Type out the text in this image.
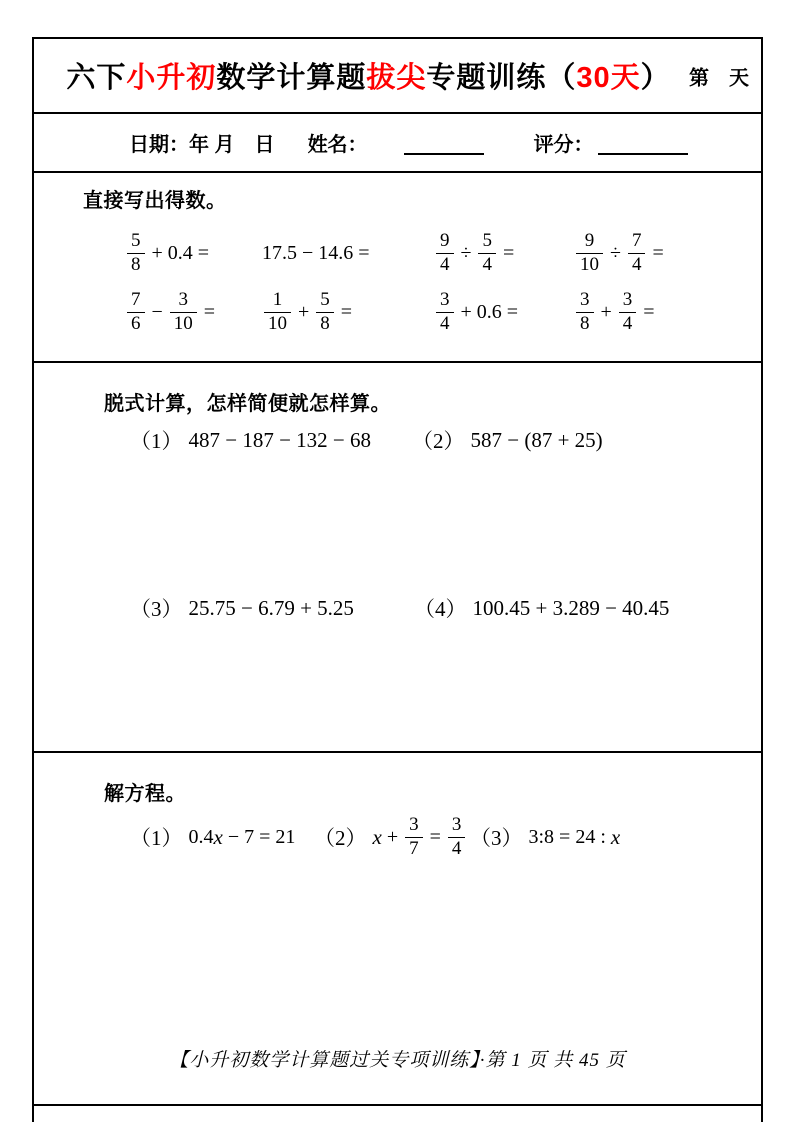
六下小升初数学计算题拔尖专题训练（30天） 第　天
日期：年 月　日 姓名：	评分：
直接写出得数。
$\frac{5}{8} + 0.4$ =	17.5 − 14.6 =	$\frac{9}{4} \div \frac{5}{4}$ =	$\frac{9}{10} \div \frac{7}{4}$ =
$\frac{7}{6} - \frac{3}{10}$ =	$\frac{1}{10} + \frac{5}{8}$ =	$\frac{3}{4} + 0.6$ =	$\frac{3}{8} + \frac{3}{4}$ =
脱式计算，怎样简便就怎样算。
（1） 487 − 187 − 132 − 68 （2） 587 − (87 + 25)
（3） 25.75 − 6.79 + 5.25	（4） 100.45 + 3.289 − 40.45
解方程。
（1） 0.4 x − 7 = 21 （2） $x + \frac{3}{7} = \frac{3}{4} (3)$ 3:8 = 24 : x
【小升初数学计算题过关专项训练】·第 1 页 共 45 页
